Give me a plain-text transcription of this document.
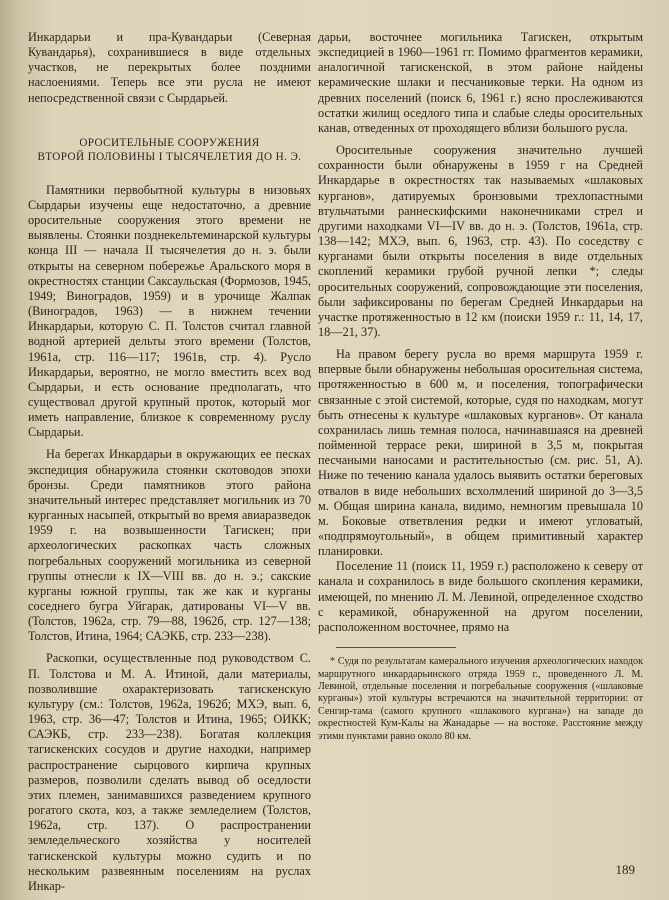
Инкардарьи и пра-Кувандарьи (Северная Кувандарья), сохранившиеся в виде отдельных участков, не перекрытых более поздними наслоениями. Теперь все эти русла не имеют непосредственной связи с Сырдарьей.

ОРОСИТЕЛЬНЫЕ СООРУЖЕНИЯ
ВТОРОЙ ПОЛОВИНЫ I ТЫСЯЧЕЛЕТИЯ ДО Н. Э.

Памятники первобытной культуры в низовьях Сырдарьи изучены еще недостаточно, а древние оросительные сооружения этого времени не выявлены. Стоянки позднекельтеминарской культуры конца III — начала II тысячелетия до н. э. были открыты на северном побережье Аральского моря в окрестностях станции Саксаульская (Формозов, 1945, 1949; Виноградов, 1959) и в урочище Жалпак (Виноградов, 1963) — в нижнем течении Инкардарьи, которую С. П. Толстов считал главной водной артерией дельты этого времени (Толстов, 1961а, стр. 116—117; 1961в, стр. 4). Русло Инкардарьи, вероятно, не могло вместить всех вод Сырдарьи, и есть основание предполагать, что существовал другой крупный проток, который мог иметь направление, близкое к современному руслу Сырдарьи.

На берегах Инкардарьи в окружающих ее песках экспедиция обнаружила стоянки скотоводов эпохи бронзы. Среди памятников этого района значительный интерес представляет могильник из 70 курганных насыпей, открытый во время авиаразведок 1959 г. на возвышенности Тагискен; при археологических раскопках часть сложных погребальных сооружений могильника из северной группы отнесли к IX—VIII вв. до н. э.; сакские курганы южной группы, так же как и курганы соседнего бугра Уйгарак, датированы VI—V вв. (Толстов, 1962а, стр. 79—88, 1962б, стр. 127—138; Толстов, Итина, 1964; САЭКБ, стр. 233—238).

Раскопки, осуществленные под руководством С. П. Толстова и М. А. Итиной, дали материалы, позволившие охарактеризовать тагискенскую культуру (см.: Толстов, 1962а, 1962б; МХЭ, вып. 6, 1963, стр. 36—47; Толстов и Итина, 1965; ОИКК; САЭКБ, стр. 233—238). Богатая коллекция тагискенских сосудов и другие находки, например распространение сырцового кирпича крупных размеров, позволили сделать вывод об оседлости этих племен, занимавшихся разведением крупного рогатого скота, коз, а также земледелием (Толстов, 1962а, стр. 137). О распространении земледельческого хозяйства у носителей тагискенской культуры можно судить и по нескольким развеянным поселениям на руслах Инкар-

дарьи, восточнее могильника Тагискен, открытым экспедицией в 1960—1961 гг. Помимо фрагментов керамики, аналогичной тагискенской, в этом районе найдены керамические шлаки и песчаниковые терки. На одном из древних поселений (поиск 6, 1961 г.) ясно прослеживаются остатки жилищ оседлого типа и слабые следы оросительных канав, отведенных от проходящего вблизи большого русла.

Оросительные сооружения значительно лучшей сохранности были обнаружены в 1959 г на Средней Инкардарье в окрестностях так называемых «шлаковых курганов», датируемых бронзовыми трехлопастными втульчатыми раннескифскими наконечниками стрел и другими находками VI—IV вв. до н. э. (Толстов, 1961а, стр. 138—142; МХЭ, вып. 6, 1963, стр. 43). По соседству с курганами были открыты поселения в виде отдельных скоплений керамики грубой ручной лепки *; следы оросительных сооружений, сопровождающие эти поселения, были зафиксированы по берегам Средней Инкардарьи на участке протяженностью в 12 км (поиски 1959 г.: 11, 14, 17, 18—21, 37).

На правом берегу русла во время маршрута 1959 г. впервые были обнаружены небольшая оросительная система, протяженностью в 600 м, и поселения, топографически связанные с этой системой, которые, судя по находкам, могут быть отнесены к культуре «шлаковых курганов». От канала сохранилась лишь темная полоса, начинавшаяся на древней пойменной террасе реки, шириной в 3,5 м, покрытая песчаными наносами и растительностью (см. рис. 51, А). Ниже по течению канала удалось выявить остатки береговых отвалов в виде небольших всхолмлений шириной до 3—3,5 м. Общая ширина канала, видимо, немногим превышала 10 м. Боковые ответвления редки и имеют угловатый, «подпрямоугольный», в общем примитивный характер планировки.

Поселение 11 (поиск 11, 1959 г.) расположено к северу от канала и сохранилось в виде большого скопления керамики, имеющей, по мнению Л. М. Левиной, определенное сходство с керамикой, обнаруженной на другом поселении, расположенном восточнее, прямо на

* Судя по результатам камерального изучения археологических находок маршрутного инкардарьинского отряда 1959 г., проведенного Л. М. Левиной, отдельные поселения и погребальные сооружения («шлаковые курганы») этой культуры встречаются на значительной территории: от Сенгир-тама (самого крупного «шлакового кургана») на западе до окрестностей Кум-Калы на Жанадарье — на востоке. Расстояние между этими пунктами равно около 80 км.

189
